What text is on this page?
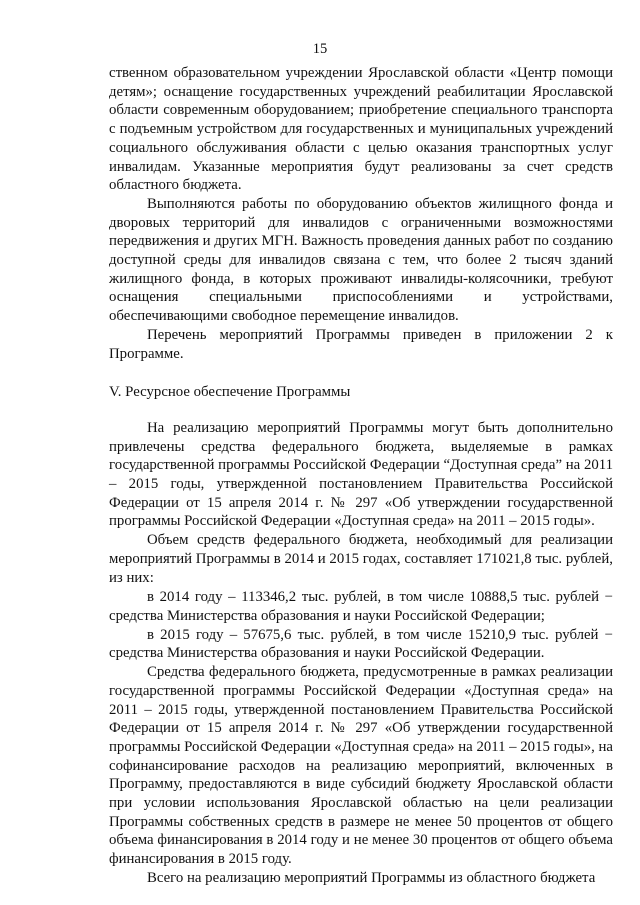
15

ственном образовательном учреждении Ярославской области «Центр помощи детям»; оснащение государственных учреждений реабилитации Ярославской области современным оборудованием; приобретение специального транспорта с подъемным устройством для государственных и муниципальных учреждений социального обслуживания области с целью оказания транспортных услуг инвалидам. Указанные мероприятия будут реализованы за счет средств областного бюджета.

Выполняются работы по оборудованию объектов жилищного фонда и дворовых территорий для инвалидов с ограниченными возможностями передвижения и других МГН. Важность проведения данных работ по созданию доступной среды для инвалидов связана с тем, что более 2 тысяч зданий жилищного фонда, в которых проживают инвалиды-колясочники, требуют оснащения специальными приспособлениями и устройствами, обеспечивающими свободное перемещение инвалидов.

Перечень мероприятий Программы приведен в приложении 2 к Программе.

V. Ресурсное обеспечение Программы

На реализацию мероприятий Программы могут быть дополнительно привлечены средства федерального бюджета, выделяемые в рамках государственной программы Российской Федерации “Доступная среда” на 2011 – 2015 годы, утвержденной постановлением Правительства Российской Федерации от 15 апреля 2014 г. № 297 «Об утверждении государственной программы Российской Федерации «Доступная среда» на 2011 – 2015 годы».

Объем средств федерального бюджета, необходимый для реализации мероприятий Программы в 2014 и 2015 годах, составляет 171021,8 тыс. рублей, из них:

в 2014 году – 113346,2 тыс. рублей, в том числе 10888,5 тыс. рублей − средства Министерства образования и науки Российской Федерации;

в 2015 году – 57675,6 тыс. рублей, в том числе 15210,9 тыс. рублей − средства Министерства образования и науки Российской Федерации.

Средства федерального бюджета, предусмотренные в рамках реализации государственной программы Российской Федерации «Доступная среда» на 2011 – 2015 годы, утвержденной постановлением Правительства Российской Федерации от 15 апреля 2014 г. № 297 «Об утверждении государственной программы Российской Федерации «Доступная среда» на 2011 – 2015 годы», на софинансирование расходов на реализацию мероприятий, включенных в Программу, предоставляются в виде субсидий бюджету Ярославской области при условии использования Ярославской областью на цели реализации Программы собственных средств в размере не менее 50 процентов от общего объема финансирования в 2014 году и не менее 30 процентов от общего объема финансирования в 2015 году.

Всего на реализацию мероприятий Программы из областного бюджета
